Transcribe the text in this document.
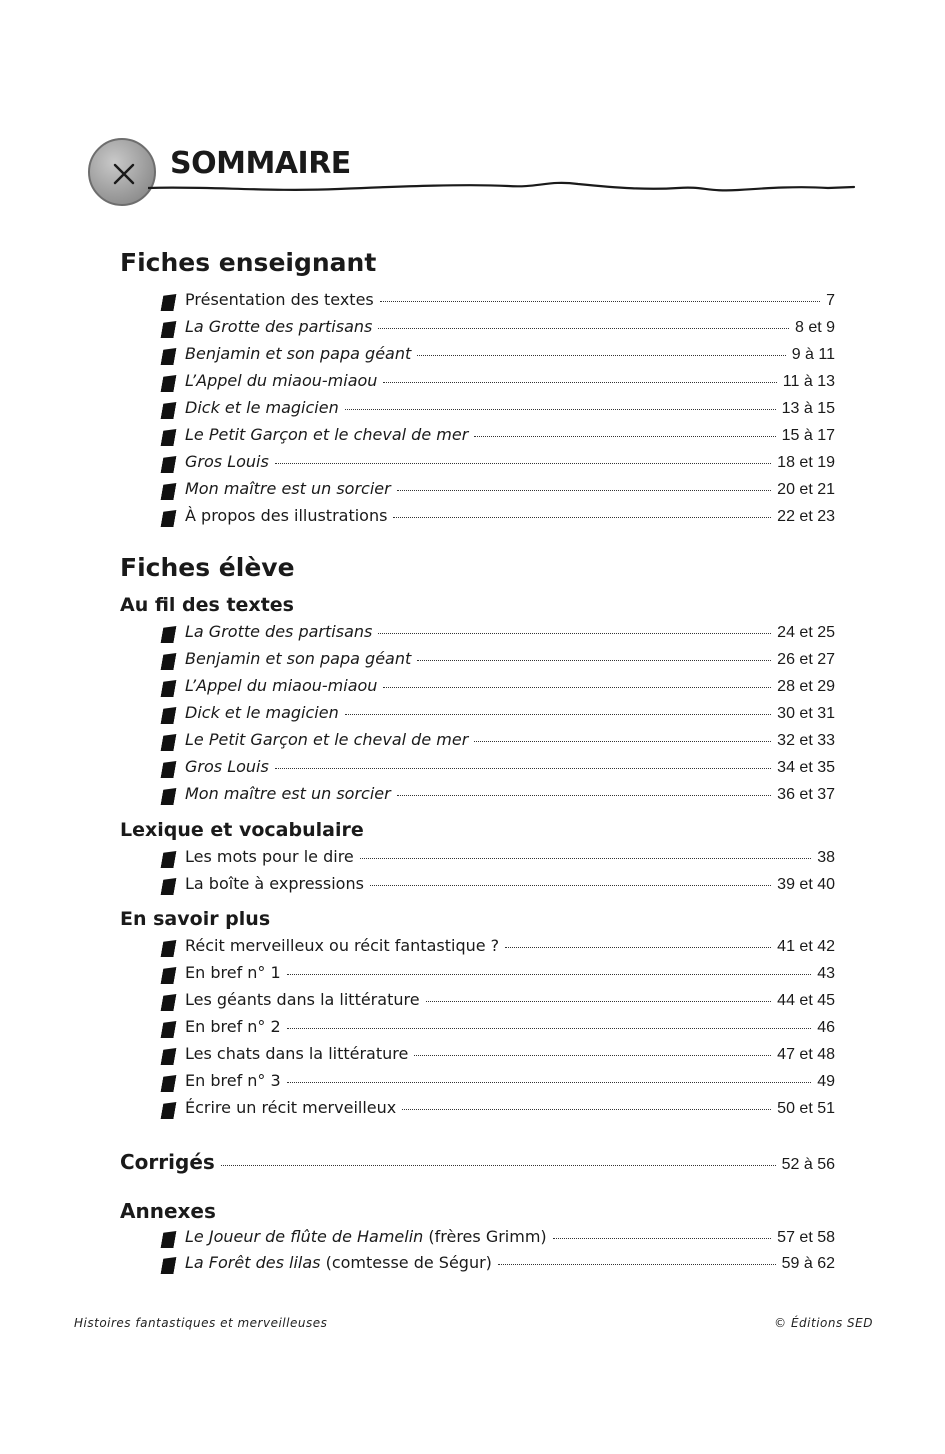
SOMMAIRE
Fiches enseignant
Présentation des textes	7
La Grotte des partisans	8 et 9
Benjamin et son papa géant	9 à 11
L’Appel du miaou-miaou	11 à 13
Dick et le magicien	13 à 15
Le Petit Garçon et le cheval de mer	15 à 17
Gros Louis	18 et 19
Mon maître est un sorcier	20 et 21
À propos des illustrations	22 et 23
Fiches élève
Au fil des textes
La Grotte des partisans	24 et 25
Benjamin et son papa géant	26 et 27
L’Appel du miaou-miaou	28 et 29
Dick et le magicien	30 et 31
Le Petit Garçon et le cheval de mer	32 et 33
Gros Louis	34 et 35
Mon maître est un sorcier	36 et 37
Lexique et vocabulaire
Les mots pour le dire	38
La boîte à expressions	39 et 40
En savoir plus
Récit merveilleux ou récit fantastique ?	41 et 42
En bref n° 1	43
Les géants dans la littérature	44 et 45
En bref n° 2	46
Les chats dans la littérature	47 et 48
En bref n° 3	49
Écrire un récit merveilleux	50 et 51
Corrigés	52 à 56
Annexes
Le Joueur de flûte de Hamelin (frères Grimm)	57 et 58
La Forêt des lilas (comtesse de Ségur)	59 à 62
Histoires fantastiques et merveilleuses	© Éditions SED
